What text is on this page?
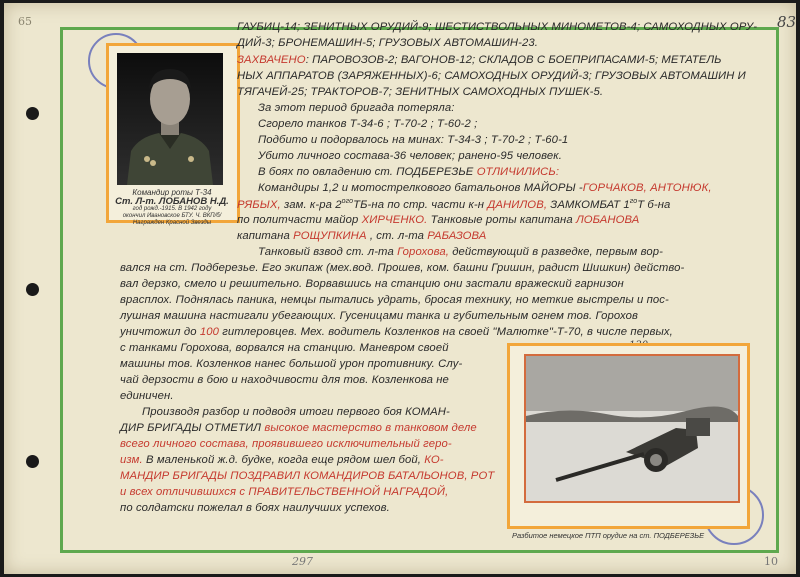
65	83
Командир роты Т-34
Ст. Л-т. ЛОБАНОВ Н.Д.
год рожд.-1915. В 1942 году
окончил Ивановское БТУ. Ч. ВКП/б/
Награжден Красной Звезды
ГАУБИЦ-14; ЗЕНИТНЫХ ОРУДИЙ-9; ШЕСТИСТВОЛЬНЫХ МИНОМЕТОВ-4; САМОХОДНЫХ ОРУ-
ДИЙ-3; БРОНЕМАШИН-5; ГРУЗОВЫХ АВТОМАШИН-23.
ЗАХВАЧЕНО: ПАРОВОЗОВ-2; ВАГОНОВ-12; СКЛАДОВ С БОЕПРИПАСАМИ-5; МЕТАТЕЛЬ
НЫХ АППАРАТОВ (ЗАРЯЖЕННЫХ)-6; САМОХОДНЫХ ОРУДИЙ-3; ГРУЗОВЫХ АВТОМАШИН И
ТЯГАЧЕЙ-25; ТРАКТОРОВ-7; ЗЕНИТНЫХ САМОХОДНЫХ ПУШЕК-5.
За этот период бригада потеряла:
Сгорело танков Т-34-6 ; Т-70-2 ; Т-60-2 ;
Подбито и подорвалось на минах: Т-34-3 ; Т-70-2 ; Т-60-1
Убито личного состава-36 человек; ранено-95 человек.
В боях по овладению ст. ПОДБЕРЕЗЬЕ ОТЛИЧИЛИСЬ:
Командиры 1,2 и мотострелкового батальонов МАЙОРЫ -ГОРЧАКОВ, АНТОНЮК,
РЯБЫХ, зам. к-ра $2^{ого}ТБ-на$ по стр. части к-н ДАНИЛОВ, ЗАМКОМБАТ $1^{го}Т$ б-на
по политчасти майор ХИРЧЕНКО. Танковые роты капитана ЛОБАНОВА
капитана РОЩУПКИНА , ст. л-та РАБАЗОВА
Танковый взвод ст. л-та Горохова, действующий в разведке, первым вор-
вался на ст. Подберезье. Его экипаж (мех.вод. Прошев, ком. башни Гришин, радист Шишкин) действо-
вал дерзко, смело и решительно. Ворвавшись на станцию они застали вражеский гарнизон
врасплох. Поднялась паника, немцы пытались удрать, бросая технику, но меткие выстрелы и пос-
лушная машина настигали убегающих. Гусеницами танка и губительным огнем тов. Горохов
уничтожил до 100 гитлеровцев. Мех. водитель Козленков на своей "Малютке"-Т-70, в числе первых,
с танками Горохова, ворвался на станцию. Маневром своей
машины тов. Козленков нанес большой урон противнику. Слу-
чай дерзости в бою и находчивости для тов. Козленкова не
единичен.
Производя разбор и подводя итоги первого боя КОМАН-
ДИР БРИГАДЫ ОТМЕТИЛ высокое мастерство в танковом деле
всего личного состава, проявившего исключительный геро-
изм. В маленькой ж.д. будке, когда еще рядом шел бой, КО-
МАНДИР БРИГАДЫ ПОЗДРАВИЛ КОМАНДИРОВ БАТАЛЬОНОВ, РОТ
и всех отличившихся с ПРАВИТЕЛЬСТВЕННОЙ НАГРАДОЙ,
по солдатски пожелал в боях наилучших успехов.
Разбитое немецкое ПТП орудие на ст. ПОДБЕРЕЗЬЕ
297	10
